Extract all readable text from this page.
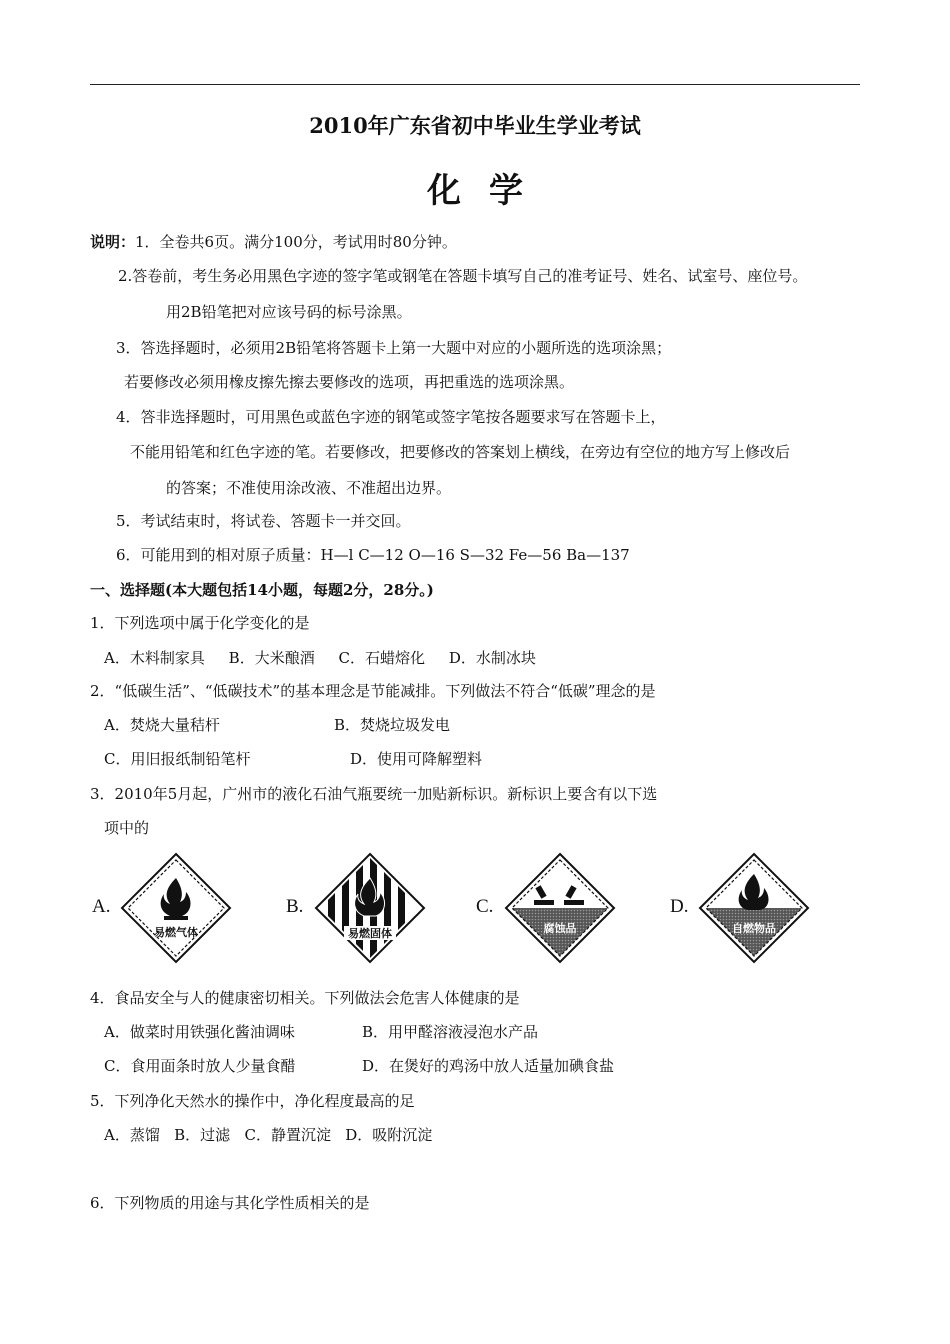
2010年广东省初中毕业生学业考试
化学
说明：1．全卷共6页。满分100分，考试用时80分钟。
2.答卷前，考生务必用黑色字迹的签字笔或钢笔在答题卡填写自己的准考证号、姓名、试室号、座位号。
用2B铅笔把对应该号码的标号涂黑。
3．答选择题时，必须用2B铅笔将答题卡上第一大题中对应的小题所选的选项涂黑；
若要修改必须用橡皮擦先擦去要修改的选项，再把重选的选项涂黑。
4．答非选择题时，可用黑色或蓝色字迹的钢笔或签字笔按各题要求写在答题卡上，
不能用铅笔和红色字迹的笔。若要修改，把要修改的答案划上横线，在旁边有空位的地方写上修改后
的答案；不准使用涂改液、不准超出边界。
5．考试结束时，将试卷、答题卡一并交回。
6．可能用到的相对原子质量：H—l C—12 O—16 S—32 Fe—56 Ba—137
一、选择题(本大题包括14小题，每题2分，28分。)
1．下列选项中属于化学变化的是
A．木料制家具     B．大米酿酒     C．石蜡熔化     D．水制冰块
2．“低碳生活”、“低碳技术”的基本理念是节能减排。下列做法不符合“低碳”理念的是
A．焚烧大量秸杆	B．焚烧垃圾发电
C．用旧报纸制铅笔杆	D．使用可降解塑料
3．2010年5月起，广州市的液化石油气瓶要统一加贴新标识。新标识上要含有以下选
项中的
A.
易燃气体
B.
易燃固体
C.
腐蚀品
D.
自燃物品
4．食品安全与人的健康密切相关。下列做法会危害人体健康的是
A．做菜时用铁强化酱油调味	B．用甲醛溶液浸泡水产品
C．食用面条时放人少量食醋	D．在煲好的鸡汤中放人适量加碘食盐
5．下列净化天然水的操作中，净化程度最高的足
A．蒸馏   B．过滤   C．静置沉淀   D．吸附沉淀
6．下列物质的用途与其化学性质相关的是
